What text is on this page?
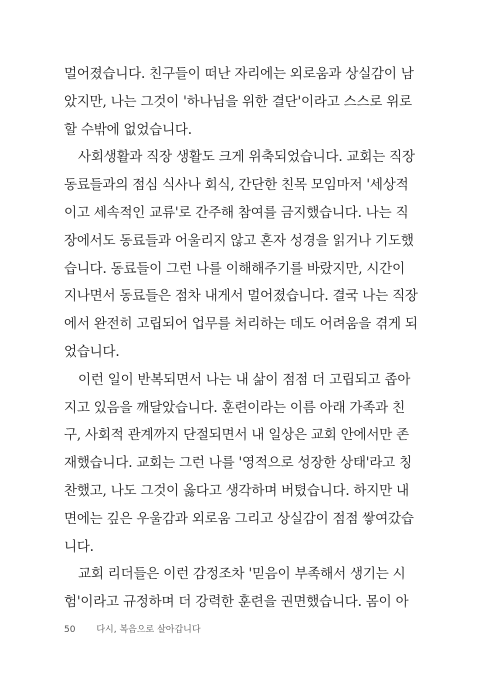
멀어졌습니다. 친구들이 떠난 자리에는 외로움과 상실감이 남
았지만, 나는 그것이 '하나님을 위한 결단'이라고 스스로 위로
할 수밖에 없었습니다.
사회생활과 직장 생활도 크게 위축되었습니다. 교회는 직장
동료들과의 점심 식사나 회식, 간단한 친목 모임마저 '세상적
이고 세속적인 교류'로 간주해 참여를 금지했습니다. 나는 직
장에서도 동료들과 어울리지 않고 혼자 성경을 읽거나 기도했
습니다. 동료들이 그런 나를 이해해주기를 바랐지만, 시간이
지나면서 동료들은 점차 내게서 멀어졌습니다. 결국 나는 직장
에서 완전히 고립되어 업무를 처리하는 데도 어려움을 겪게 되
었습니다.
이런 일이 반복되면서 나는 내 삶이 점점 더 고립되고 좁아
지고 있음을 깨달았습니다. 훈련이라는 이름 아래 가족과 친
구, 사회적 관계까지 단절되면서 내 일상은 교회 안에서만 존
재했습니다. 교회는 그런 나를 '영적으로 성장한 상태'라고 칭
찬했고, 나도 그것이 옳다고 생각하며 버텼습니다. 하지만 내
면에는 깊은 우울감과 외로움 그리고 상실감이 점점 쌓여갔습
니다.
교회 리더들은 이런 감정조차 '믿음이 부족해서 생기는 시
험'이라고 규정하며 더 강력한 훈련을 권면했습니다. 몸이 아
50 다시, 복음으로 살아갑니다
